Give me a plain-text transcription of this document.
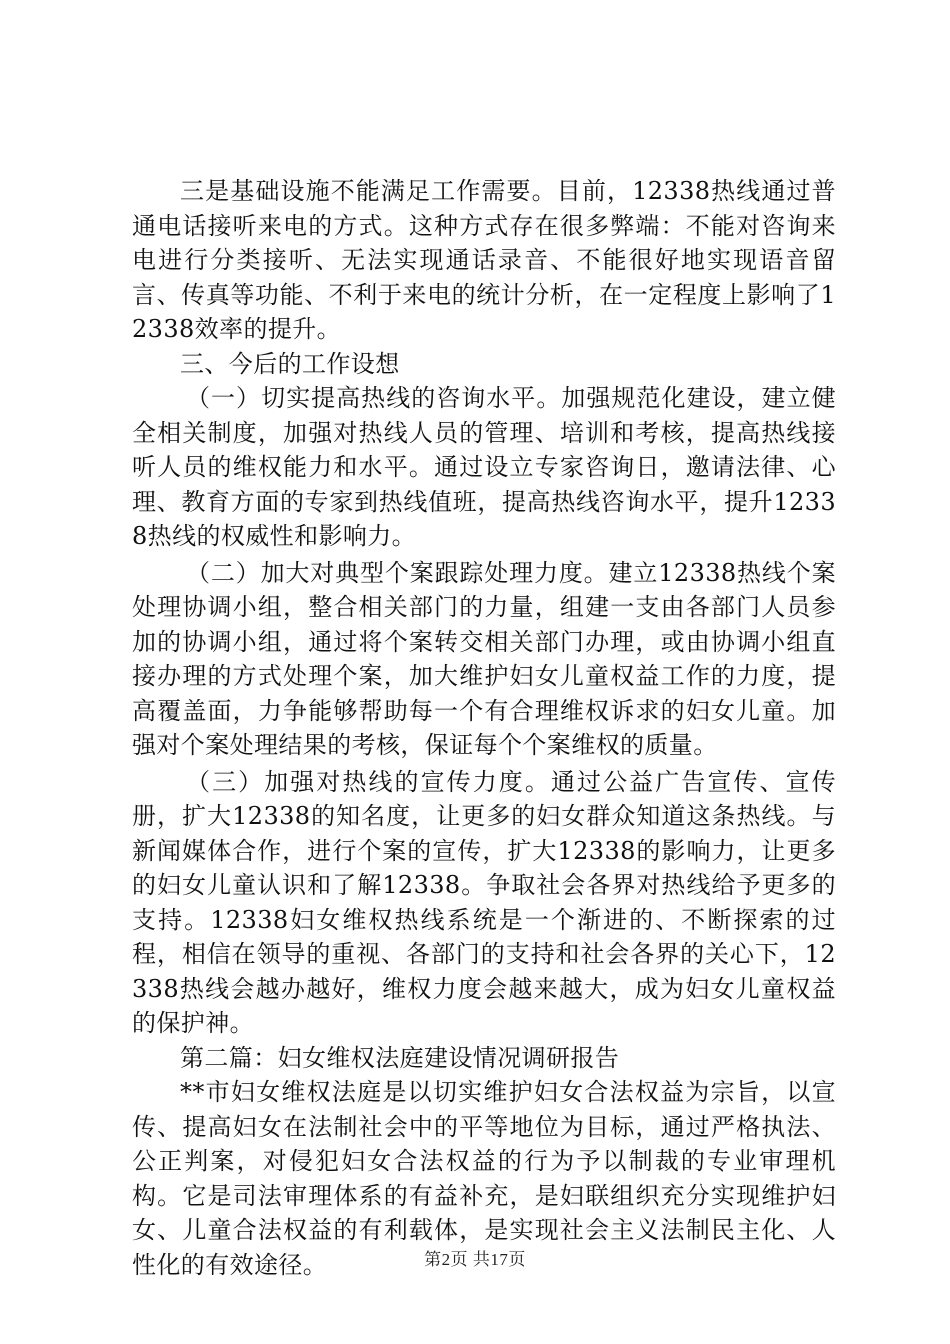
三是基础设施不能满足工作需要。目前，12338热线通过普通电话接听来电的方式。这种方式存在很多弊端：不能对咨询来电进行分类接听、无法实现通话录音、不能很好地实现语音留言、传真等功能、不利于来电的统计分析，在一定程度上影响了12338效率的提升。

三、今后的工作设想

（一）切实提高热线的咨询水平。加强规范化建设，建立健全相关制度，加强对热线人员的管理、培训和考核，提高热线接听人员的维权能力和水平。通过设立专家咨询日，邀请法律、心理、教育方面的专家到热线值班，提高热线咨询水平，提升12338热线的权威性和影响力。

（二）加大对典型个案跟踪处理力度。建立12338热线个案处理协调小组，整合相关部门的力量，组建一支由各部门人员参加的协调小组，通过将个案转交相关部门办理，或由协调小组直接办理的方式处理个案，加大维护妇女儿童权益工作的力度，提高覆盖面，力争能够帮助每一个有合理维权诉求的妇女儿童。加强对个案处理结果的考核，保证每个个案维权的质量。

（三）加强对热线的宣传力度。通过公益广告宣传、宣传册，扩大12338的知名度，让更多的妇女群众知道这条热线。与新闻媒体合作，进行个案的宣传，扩大12338的影响力，让更多的妇女儿童认识和了解12338。争取社会各界对热线给予更多的支持。12338妇女维权热线系统是一个渐进的、不断探索的过程，相信在领导的重视、各部门的支持和社会各界的关心下，12338热线会越办越好，维权力度会越来越大，成为妇女儿童权益的保护神。

第二篇：妇女维权法庭建设情况调研报告

**市妇女维权法庭是以切实维护妇女合法权益为宗旨，以宣传、提高妇女在法制社会中的平等地位为目标，通过严格执法、公正判案，对侵犯妇女合法权益的行为予以制裁的专业审理机构。它是司法审理体系的有益补充，是妇联组织充分实现维护妇女、儿童合法权益的有利载体，是实现社会主义法制民主化、人性化的有效途径。	第2页 共17页
